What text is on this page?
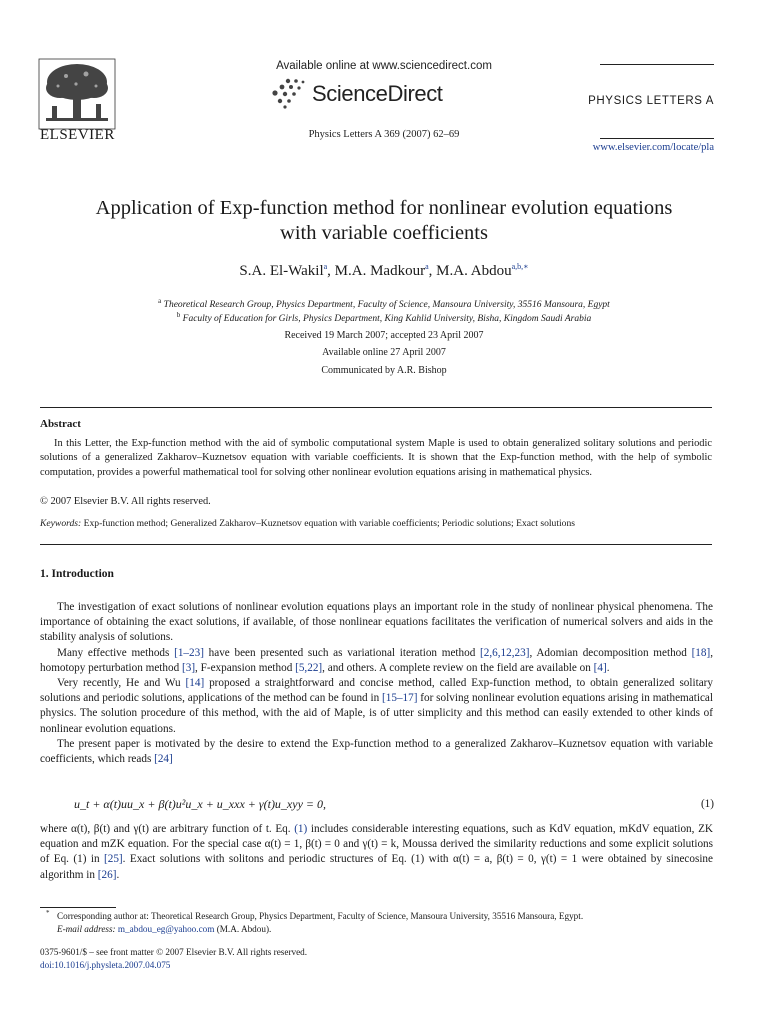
ELSEVIER
Available online at www.sciencedirect.com
ScienceDirect
Physics Letters A 369 (2007) 62–69
PHYSICS LETTERS A
www.elsevier.com/locate/pla
Application of Exp-function method for nonlinear evolution equations
with variable coefficients
S.A. El-Wakil$^a$, M.A. Madkour$^a$, M.A. Abdou$^{a,b,∗}$
$^a$ Theoretical Research Group, Physics Department, Faculty of Science, Mansoura University, 35516 Mansoura, Egypt
$^b$ Faculty of Education for Girls, Physics Department, King Kahlid University, Bisha, Kingdom Saudi Arabia
Received 19 March 2007; accepted 23 April 2007
Available online 27 April 2007
Communicated by A.R. Bishop
Abstract

In this Letter, the Exp-function method with the aid of symbolic computational system Maple is used to obtain generalized solitary solutions and periodic solutions of a generalized Zakharov–Kuznetsov equation with variable coefficients. It is shown that the Exp-function method, with the help of symbolic computation, provides a powerful mathematical tool for solving other nonlinear evolution equations arising in mathematical physics.

© 2007 Elsevier B.V. All rights reserved.
Keywords: Exp-function method; Generalized Zakharov–Kuznetsov equation with variable coefficients; Periodic solutions; Exact solutions
1. Introduction

The investigation of exact solutions of nonlinear evolution equations plays an important role in the study of nonlinear physical phenomena. The importance of obtaining the exact solutions, if available, of those nonlinear equations facilitates the verification of numerical solvers and aids in the stability analysis of solutions.

Many effective methods [1–23] have been presented such as variational iteration method [2,6,12,23], Adomian decomposition method [18], homotopy perturbation method [3], F-expansion method [5,22], and others. A complete review on the field are available on [4].

Very recently, He and Wu [14] proposed a straightforward and concise method, called Exp-function method, to obtain generalized solitary solutions and periodic solutions, applications of the method can be found in [15–17] for solving nonlinear evolution equations arising in mathematical physics. The solution procedure of this method, with the aid of Maple, is of utter simplicity and this method can easily extended to other kinds of nonlinear evolution equations.

The present paper is motivated by the desire to extend the Exp-function method to a generalized Zakharov–Kuznetsov equation with variable coefficients, which reads [24]

u_t + α(t)uu_x + β(t)u²u_x + u_xxx + γ(t)u_xyy = 0,	(1)

where α(t), β(t) and γ(t) are arbitrary function of t. Eq. (1) includes considerable interesting equations, such as KdV equation, mKdV equation, ZK equation and mZK equation. For the special case α(t) = 1, β(t) = 0 and γ(t) = k, Moussa derived the similarity reductions and some explicit solutions of Eq. (1) in [25]. Exact solutions with solitons and periodic structures of Eq. (1) with α(t) = a, β(t) = 0, γ(t) = 1 were obtained by sinecosine algorithm in [26].

* Corresponding author at: Theoretical Research Group, Physics Department, Faculty of Science, Mansoura University, 35516 Mansoura, Egypt.
E-mail address: m_abdou_eg@yahoo.com (M.A. Abdou).
0375-9601/$ – see front matter © 2007 Elsevier B.V. All rights reserved.
doi:10.1016/j.physleta.2007.04.075
